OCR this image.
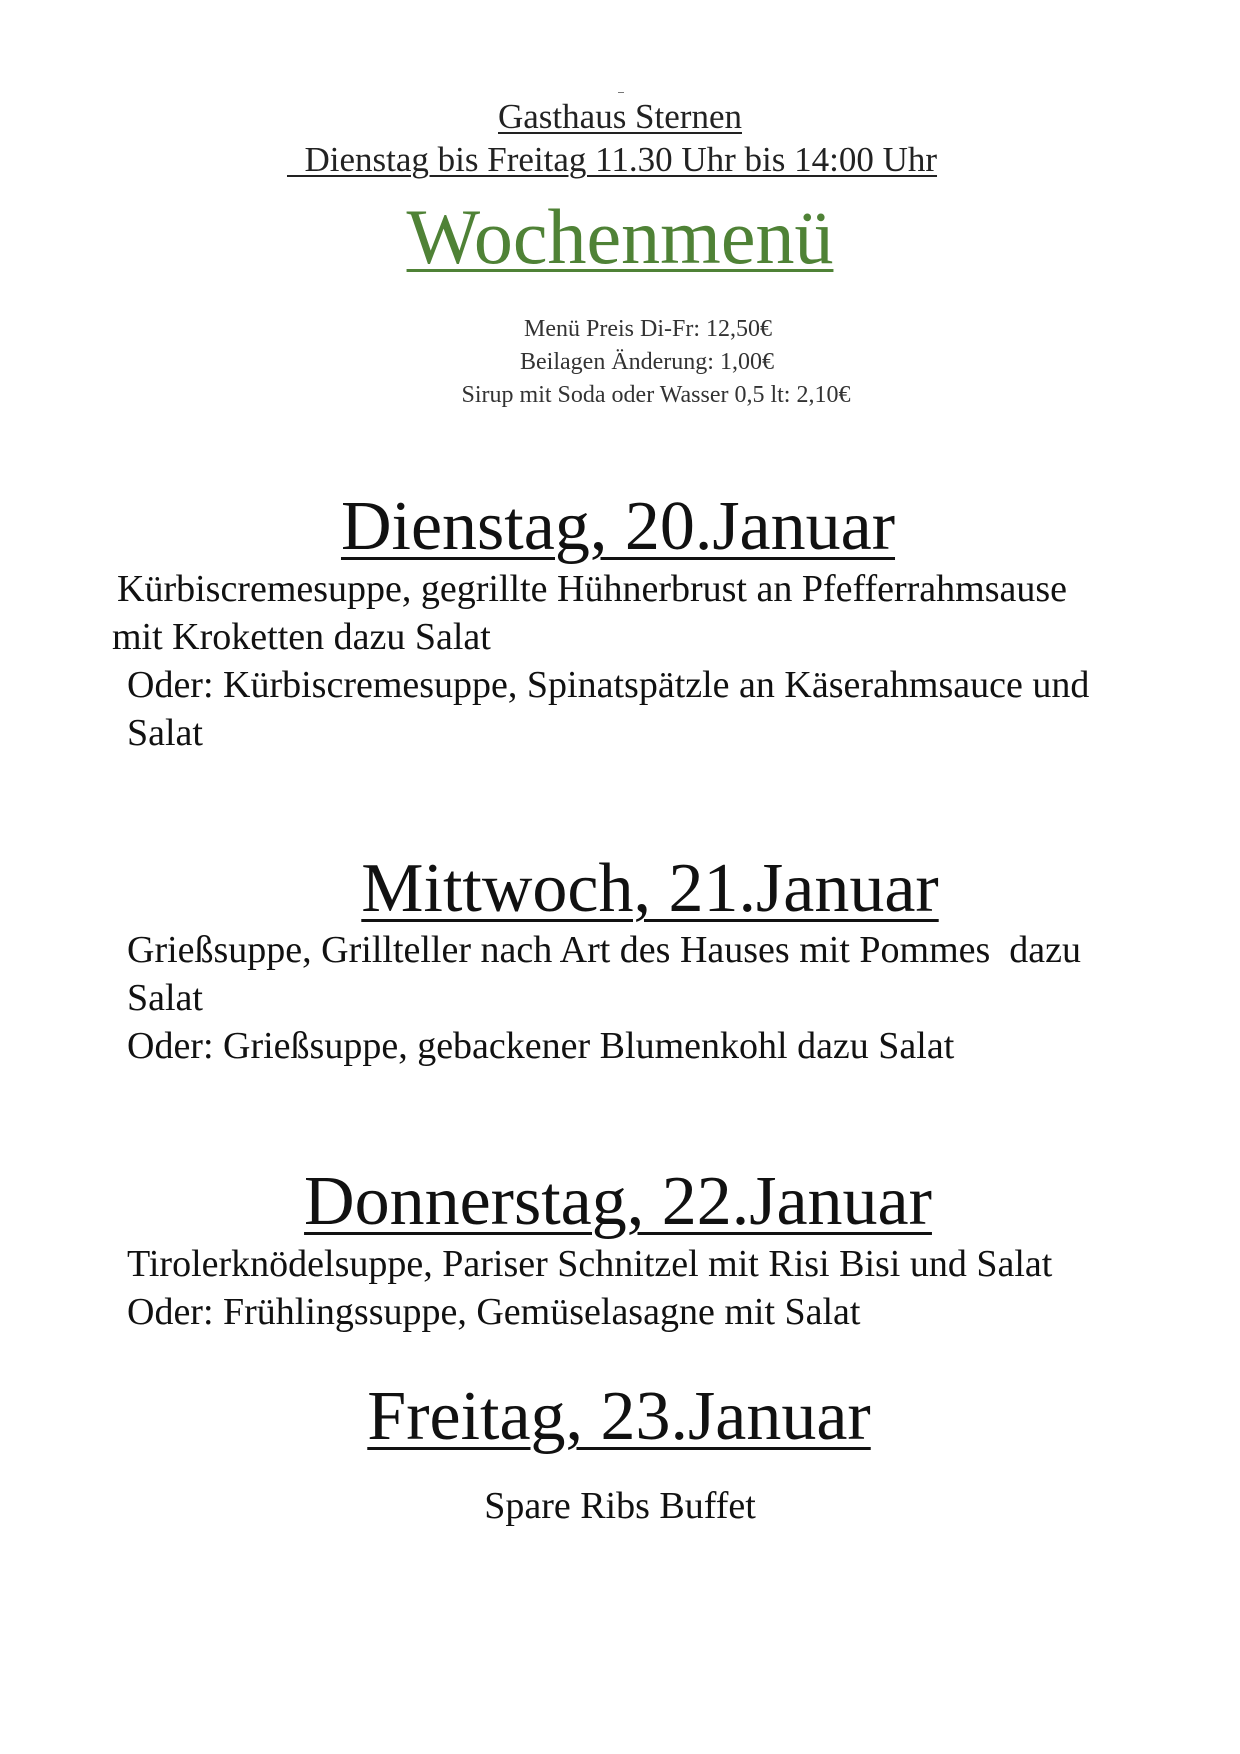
Gasthaus Sternen
Dienstag bis Freitag 11.30 Uhr bis 14:00 Uhr
Wochenmenü
Menü Preis Di-Fr: 12,50€
Beilagen Änderung: 1,00€
Sirup mit Soda oder Wasser 0,5 lt: 2,10€
Dienstag, 20.Januar
Kürbiscremesuppe, gegrillte Hühnerbrust an Pfefferrahmsause
mit Kroketten dazu Salat
Oder: Kürbiscremesuppe, Spinatspätzle an Käserahmsauce und
Salat
Mittwoch, 21.Januar
Grießsuppe, Grillteller nach Art des Hauses mit Pommes  dazu
Salat
Oder: Grießsuppe, gebackener Blumenkohl dazu Salat
Donnerstag, 22.Januar
Tirolerknödelsuppe, Pariser Schnitzel mit Risi Bisi und Salat
Oder: Frühlingssuppe, Gemüselasagne mit Salat
Freitag, 23.Januar
Spare Ribs Buffet
